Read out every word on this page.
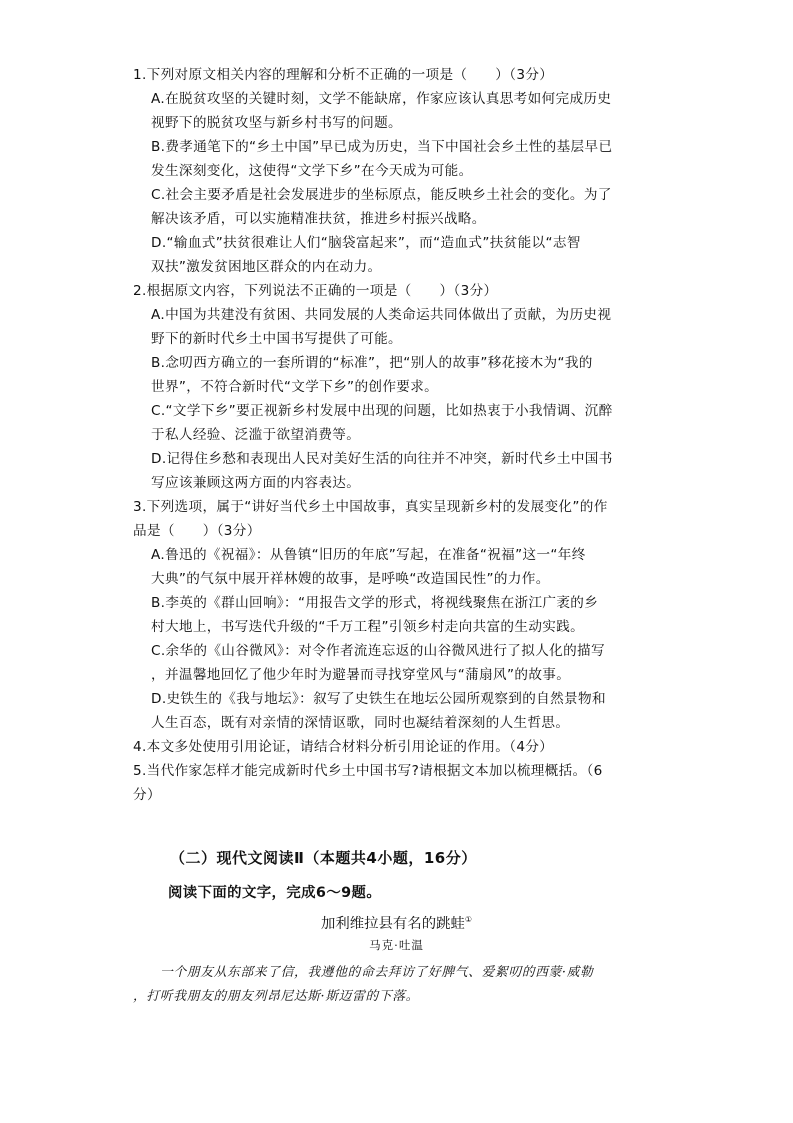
1.下列对原文相关内容的理解和分析不正确的一项是（　　）（3分）
A.在脱贫攻坚的关键时刻，文学不能缺席，作家应该认真思考如何完成历史
视野下的脱贫攻坚与新乡村书写的问题。
B.费孝通笔下的“乡土中国”早已成为历史，当下中国社会乡土性的基层早已
发生深刻变化，这使得“文学下乡”在今天成为可能。
C.社会主要矛盾是社会发展进步的坐标原点，能反映乡土社会的变化。为了
解决该矛盾，可以实施精准扶贫，推进乡村振兴战略。
D.“输血式”扶贫很难让人们“脑袋富起来”，而“造血式”扶贫能以“志智
双扶”激发贫困地区群众的内在动力。
2.根据原文内容，下列说法不正确的一项是（　　）（3分）
A.中国为共建没有贫困、共同发展的人类命运共同体做出了贡献，为历史视
野下的新时代乡土中国书写提供了可能。
B.念叨西方确立的一套所谓的“标准”，把“别人的故事”移花接木为“我的
世界”，不符合新时代“文学下乡”的创作要求。
C.“文学下乡”要正视新乡村发展中出现的问题，比如热衷于小我情调、沉醉
于私人经验、泛滥于欲望消费等。
D.记得住乡愁和表现出人民对美好生活的向往并不冲突，新时代乡土中国书
写应该兼顾这两方面的内容表达。
3.下列选项，属于“讲好当代乡土中国故事，真实呈现新乡村的发展变化”的作
品是（　　）（3分）
A.鲁迅的《祝福》：从鲁镇“旧历的年底”写起，在准备“祝福”这一“年终
大典”的气氛中展开祥林嫂的故事，是呼唤“改造国民性”的力作。
B.李英的《群山回响》：“用报告文学的形式，将视线聚焦在浙江广袤的乡
村大地上，书写迭代升级的“千万工程”引领乡村走向共富的生动实践。
C.余华的《山谷微风》：对令作者流连忘返的山谷微风进行了拟人化的描写
，并温馨地回忆了他少年时为避暑而寻找穿堂风与“蒲扇风”的故事。
D.史铁生的《我与地坛》：叙写了史铁生在地坛公园所观察到的自然景物和
人生百态，既有对亲情的深情讴歌，同时也凝结着深刻的人生哲思。
4.本文多处使用引用论证，请结合材料分析引用论证的作用。（4分）
5.当代作家怎样才能完成新时代乡土中国书写?请根据文本加以梳理概括。（6
分）
（二）现代文阅读Ⅱ（本题共4小题，16分）
阅读下面的文字，完成6～9题。
加利维拉县有名的跳蛙①
马克·吐温
一个朋友从东部来了信，我遵他的命去拜访了好脾气、爱絮叨的西蒙·威勒
，打听我朋友的朋友列昂尼达斯·斯迈雷的下落。
